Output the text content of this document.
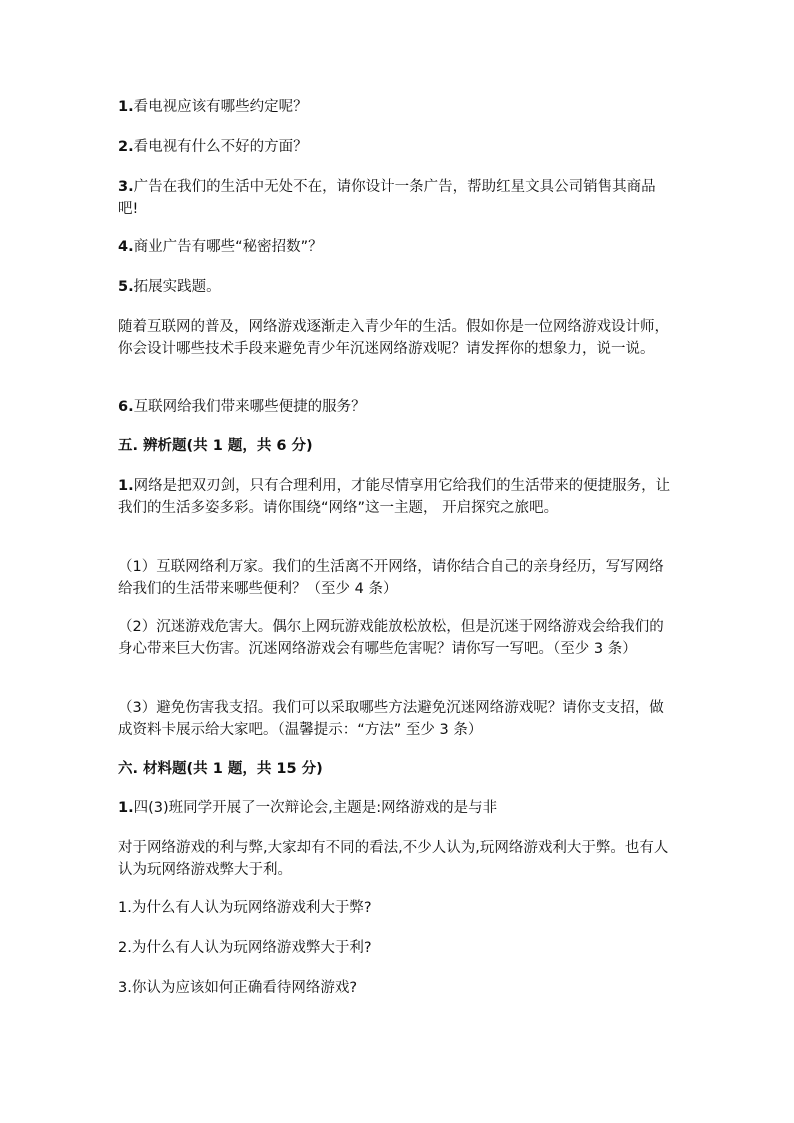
1.看电视应该有哪些约定呢？

2.看电视有什么不好的方面？

3.广告在我们的生活中无处不在，请你设计一条广告，帮助红星文具公司销售其商品吧!

4.商业广告有哪些“秘密招数”？

5.拓展实践题。

随着互联网的普及，网络游戏逐渐走入青少年的生活。假如你是一位网络游戏设计师，你会设计哪些技术手段来避免青少年沉迷网络游戏呢？请发挥你的想象力，说一说。

6.互联网给我们带来哪些便捷的服务？

五. 辨析题(共 1 题，共 6 分)

1.网络是把双刃剑，只有合理利用，才能尽情享用它给我们的生活带来的便捷服务，让我们的生活多姿多彩。请你围绕“网络”这一主题， 开启探究之旅吧。

（1）互联网络利万家。我们的生活离不开网络，请你结合自己的亲身经历，写写网络给我们的生活带来哪些便利？（至少 4 条）

（2）沉迷游戏危害大。偶尔上网玩游戏能放松放松，但是沉迷于网络游戏会给我们的身心带来巨大伤害。沉迷网络游戏会有哪些危害呢？请你写一写吧。（至少 3 条）

（3）避免伤害我支招。我们可以采取哪些方法避免沉迷网络游戏呢？请你支支招，做成资料卡展示给大家吧。（温馨提示：“方法” 至少 3 条）

六. 材料题(共 1 题，共 15 分)

1.四(3)班同学开展了一次辩论会,主题是:网络游戏的是与非

对于网络游戏的利与弊,大家却有不同的看法,不少人认为,玩网络游戏利大于弊。也有人认为玩网络游戏弊大于利。

1.为什么有人认为玩网络游戏利大于弊?

2.为什么有人认为玩网络游戏弊大于利?

3.你认为应该如何正确看待网络游戏?
